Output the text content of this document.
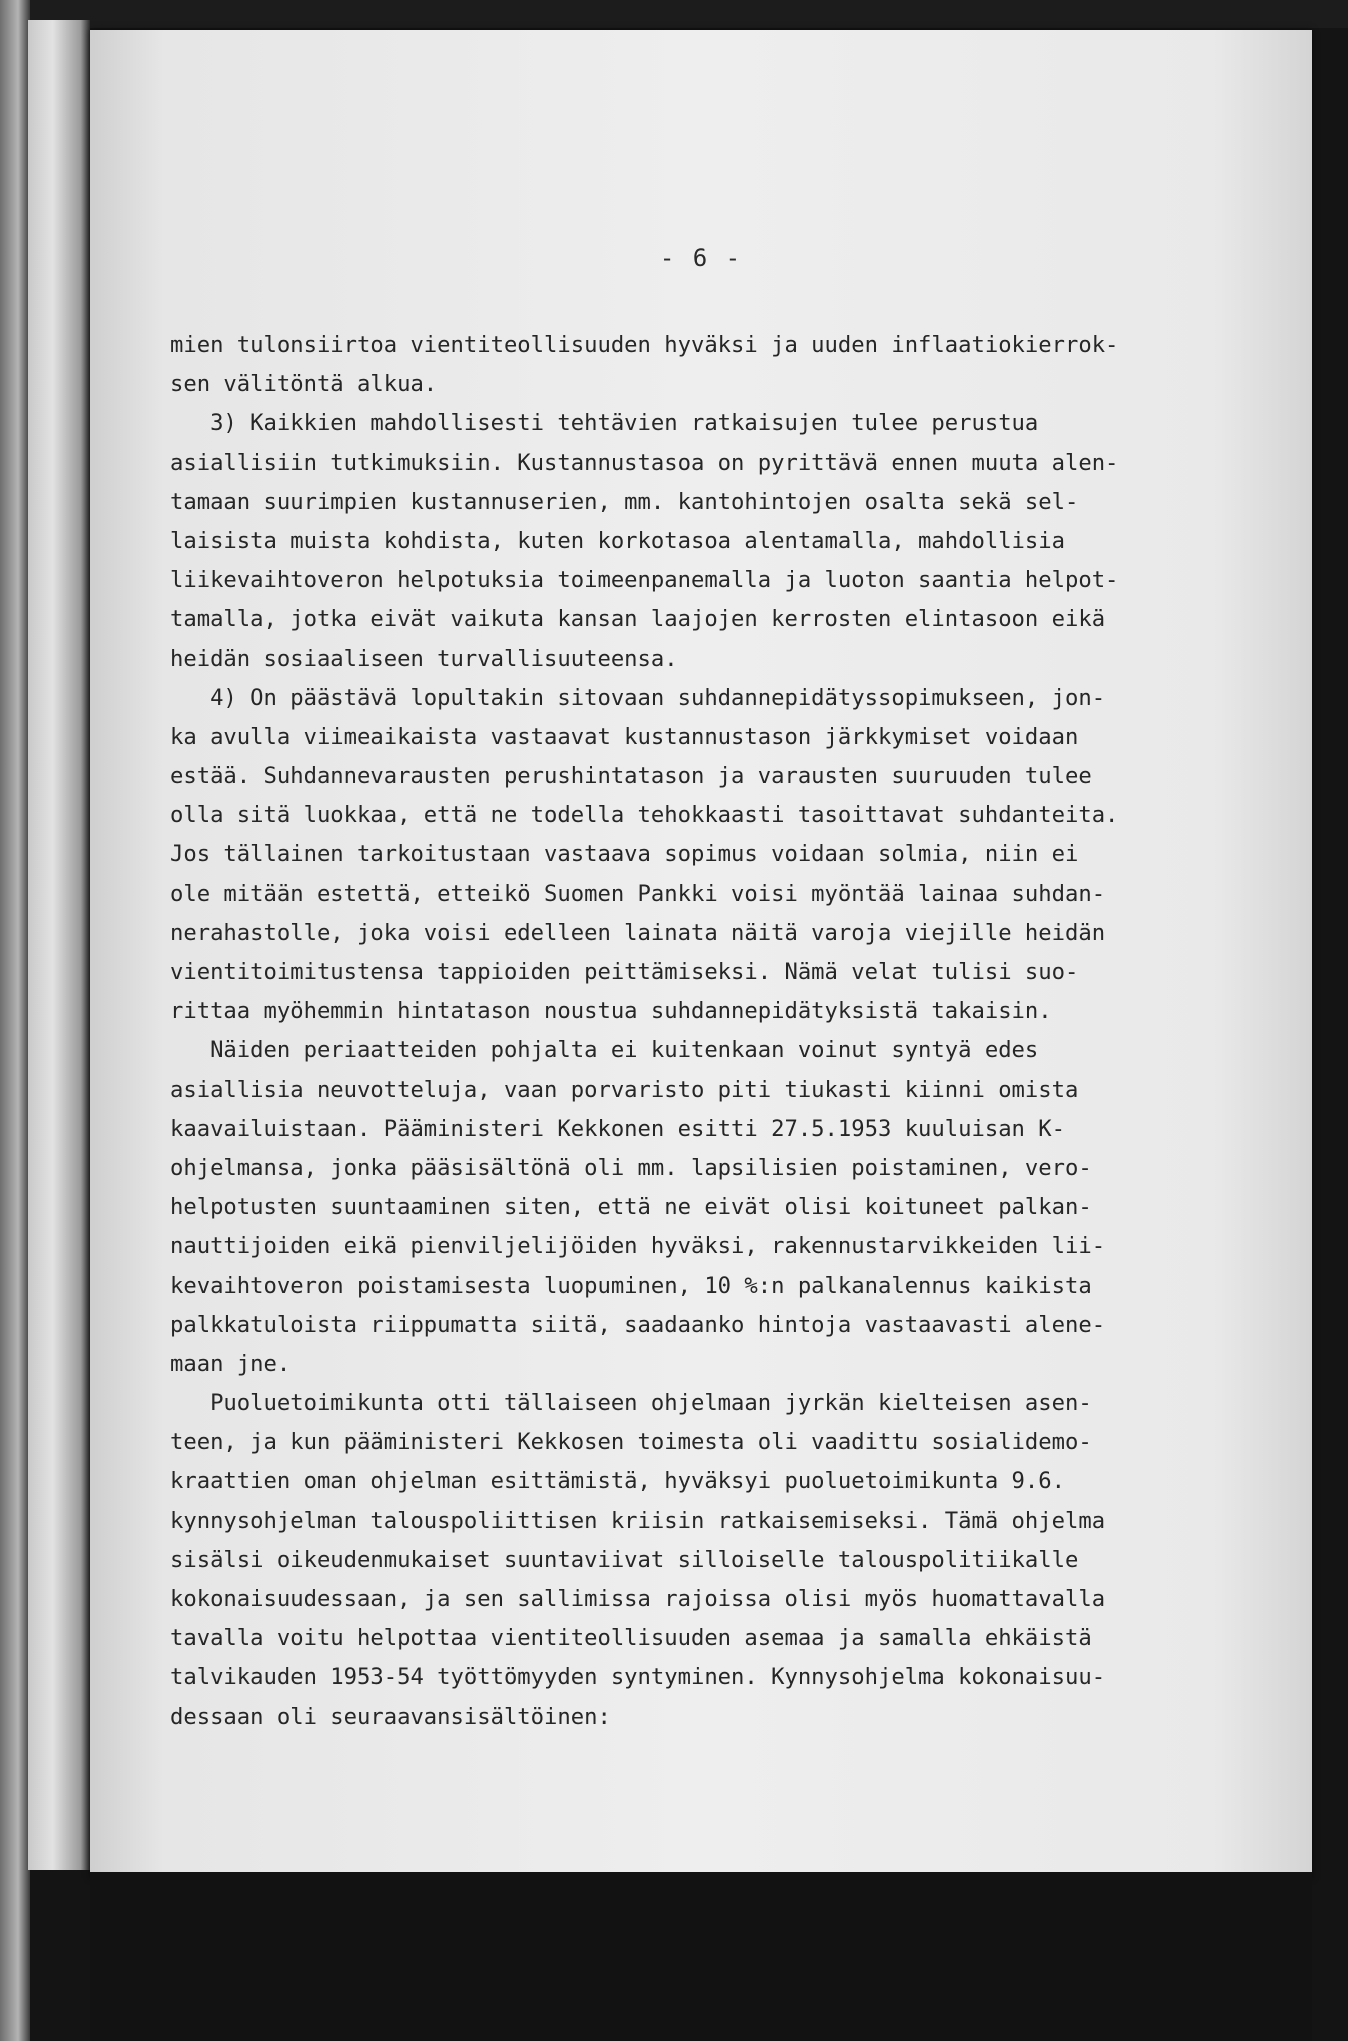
- 6 -
mien tulonsiirtoa vientiteollisuuden hyväksi ja uuden inflaatiokierrok-
sen välitöntä alkua.
3) Kaikkien mahdollisesti tehtävien ratkaisujen tulee perustua
asiallisiin tutkimuksiin. Kustannustasoa on pyrittävä ennen muuta alen-
tamaan suurimpien kustannuserien, mm. kantohintojen osalta sekä sel-
laisista muista kohdista, kuten korkotasoa alentamalla, mahdollisia
liikevaihtoveron helpotuksia toimeenpanemalla ja luoton saantia helpot-
tamalla, jotka eivät vaikuta kansan laajojen kerrosten elintasoon eikä
heidän sosiaaliseen turvallisuuteensa.
4) On päästävä lopultakin sitovaan suhdannepidätyssopimukseen, jon-
ka avulla viimeaikaista vastaavat kustannustason järkkymiset voidaan
estää. Suhdannevarausten perushintatason ja varausten suuruuden tulee
olla sitä luokkaa, että ne todella tehokkaasti tasoittavat suhdanteita.
Jos tällainen tarkoitustaan vastaava sopimus voidaan solmia, niin ei
ole mitään estettä, etteikö Suomen Pankki voisi myöntää lainaa suhdan-
nerahastolle, joka voisi edelleen lainata näitä varoja viejille heidän
vientitoimitustensa tappioiden peittämiseksi. Nämä velat tulisi suo-
rittaa myöhemmin hintatason noustua suhdannepidätyksistä takaisin.
Näiden periaatteiden pohjalta ei kuitenkaan voinut syntyä edes
asiallisia neuvotteluja, vaan porvaristo piti tiukasti kiinni omista
kaavailuistaan. Pääministeri Kekkonen esitti 27.5.1953 kuuluisan K-
ohjelmansa, jonka pääsisältönä oli mm. lapsilisien poistaminen, vero-
helpotusten suuntaaminen siten, että ne eivät olisi koituneet palkan-
nauttijoiden eikä pienviljelijöiden hyväksi, rakennustarvikkeiden lii-
kevaihtoveron poistamisesta luopuminen, 10 %:n palkanalennus kaikista
palkkatuloista riippumatta siitä, saadaanko hintoja vastaavasti alene-
maan jne.
Puoluetoimikunta otti tällaiseen ohjelmaan jyrkän kielteisen asen-
teen, ja kun pääministeri Kekkosen toimesta oli vaadittu sosialidemo-
kraattien oman ohjelman esittämistä, hyväksyi puoluetoimikunta 9.6.
kynnysohjelman talouspoliittisen kriisin ratkaisemiseksi. Tämä ohjelma
sisälsi oikeudenmukaiset suuntaviivat silloiselle talouspolitiikalle
kokonaisuudessaan, ja sen sallimissa rajoissa olisi myös huomattavalla
tavalla voitu helpottaa vientiteollisuuden asemaa ja samalla ehkäistä
talvikauden 1953-54 työttömyyden syntyminen. Kynnysohjelma kokonaisuu-
dessaan oli seuraavansisältöinen:
